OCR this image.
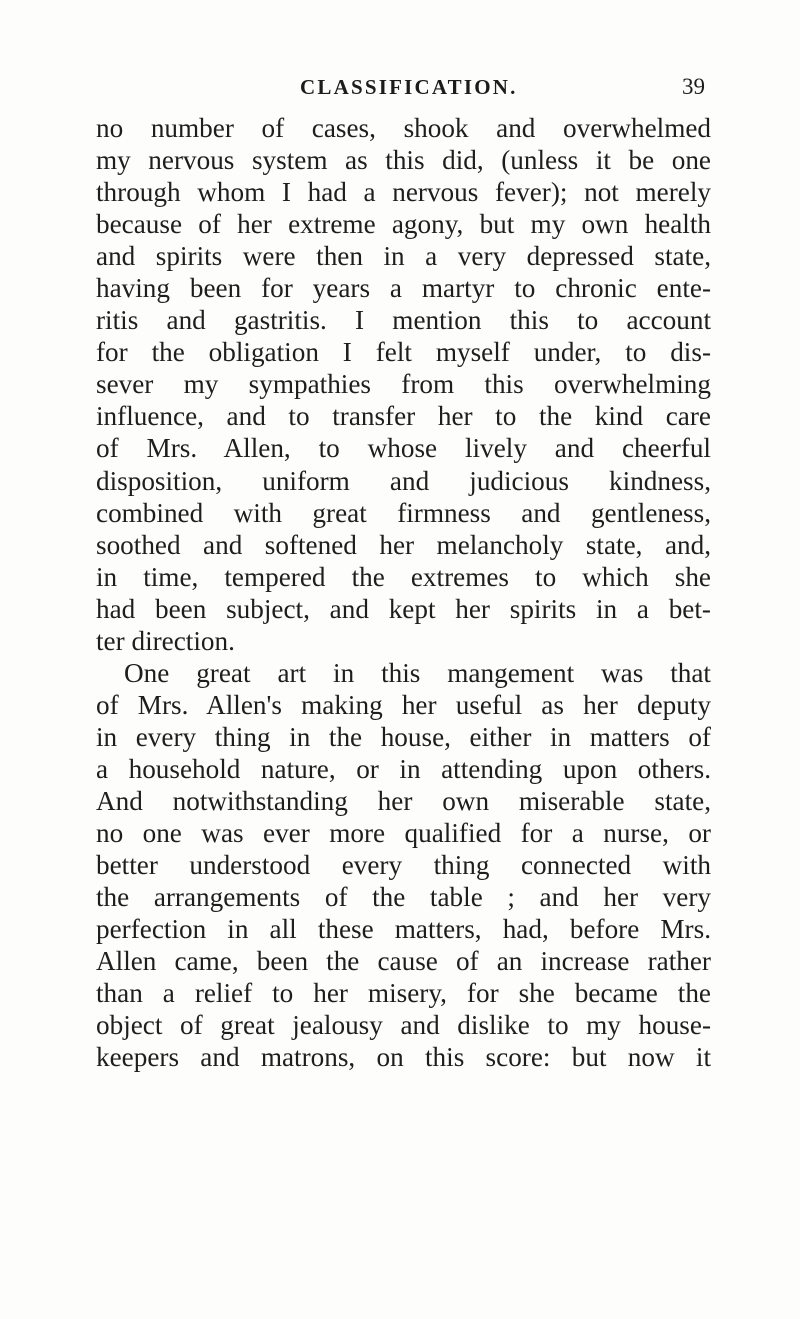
CLASSIFICATION.	39
no number of cases, shook and overwhelmed
my nervous system as this did, (unless it be one
through whom I had a nervous fever); not merely
because of her extreme agony, but my own health
and spirits were then in a very depressed state,
having been for years a martyr to chronic ente-
ritis and gastritis. I mention this to account
for the obligation I felt myself under, to dis-
sever my sympathies from this overwhelming
influence, and to transfer her to the kind care
of Mrs. Allen, to whose lively and cheerful
disposition, uniform and judicious kindness,
combined with great firmness and gentleness,
soothed and softened her melancholy state, and,
in time, tempered the extremes to which she
had been subject, and kept her spirits in a bet-
ter direction.
One great art in this mangement was that
of Mrs. Allen's making her useful as her deputy
in every thing in the house, either in matters of
a household nature, or in attending upon others.
And notwithstanding her own miserable state,
no one was ever more qualified for a nurse, or
better understood every thing connected with
the arrangements of the table ; and her very
perfection in all these matters, had, before Mrs.
Allen came, been the cause of an increase rather
than a relief to her misery, for she became the
object of great jealousy and dislike to my house-
keepers and matrons, on this score: but now it
